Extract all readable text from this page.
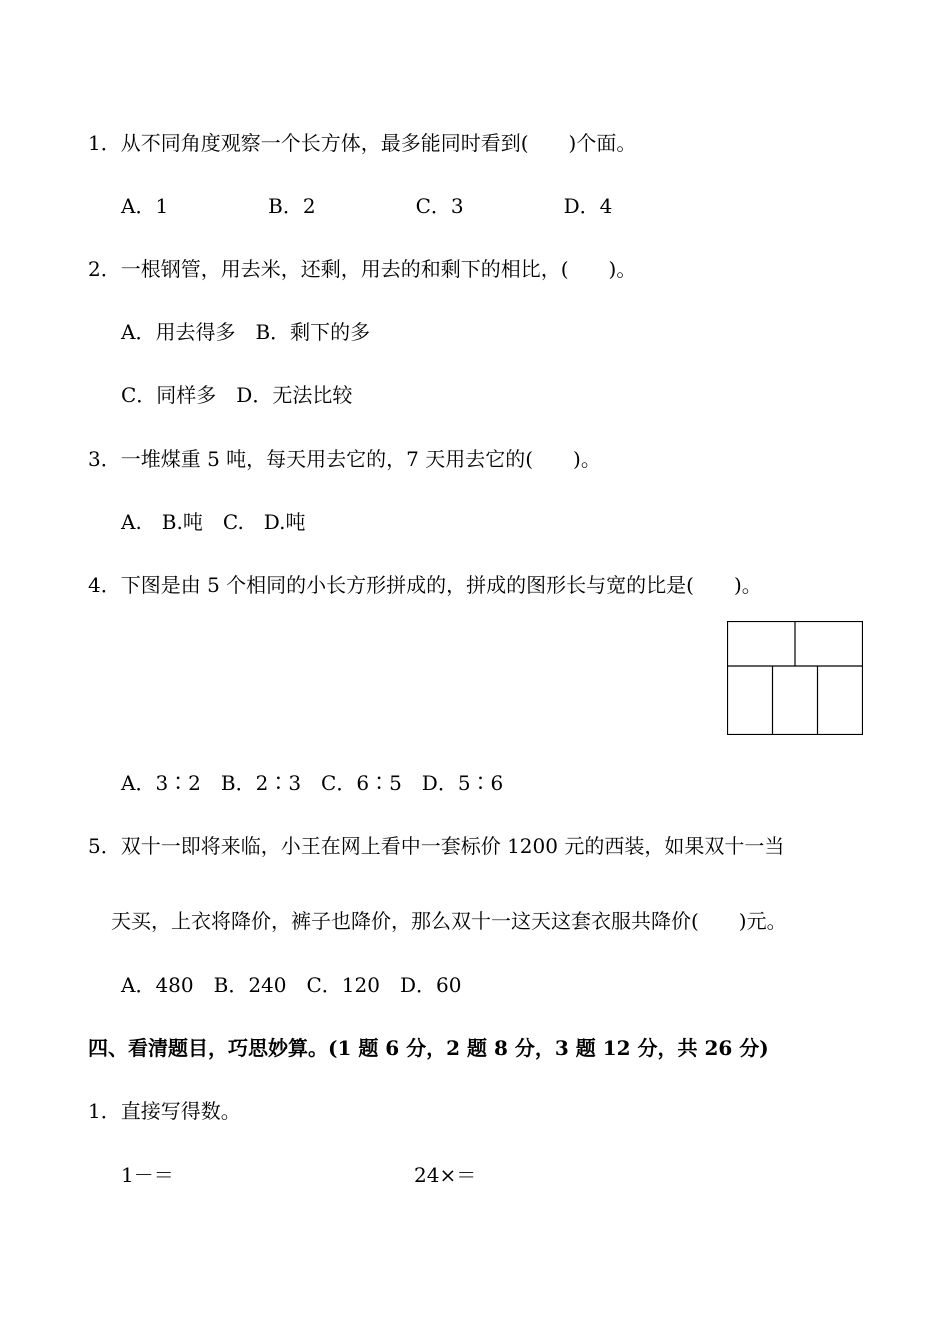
1．从不同角度观察一个长方体，最多能同时看到(　　)个面。
A．1　　　　　B．2　　　　　C．3　　　　　D．4
2．一根钢管，用去米，还剩，用去的和剩下的相比，(　　)。
A．用去得多　B．剩下的多
C．同样多　D．无法比较
3．一堆煤重 5 吨，每天用去它的，7 天用去它的(　　)。
A.　B.吨　C.　D.吨
4．下图是由 5 个相同的小长方形拼成的，拼成的图形长与宽的比是(　　)。
A．3∶2　B．2∶3　C．6∶5　D．5∶6
5．双十一即将来临，小王在网上看中一套标价 1200 元的西装，如果双十一当
天买，上衣将降价，裤子也降价，那么双十一这天这套衣服共降价(　　)元。
A．480　B．240　C．120　D．60
四、看清题目，巧思妙算。(1 题 6 分，2 题 8 分，3 题 12 分，共 26 分)
1．直接写得数。
1－＝	24×＝
